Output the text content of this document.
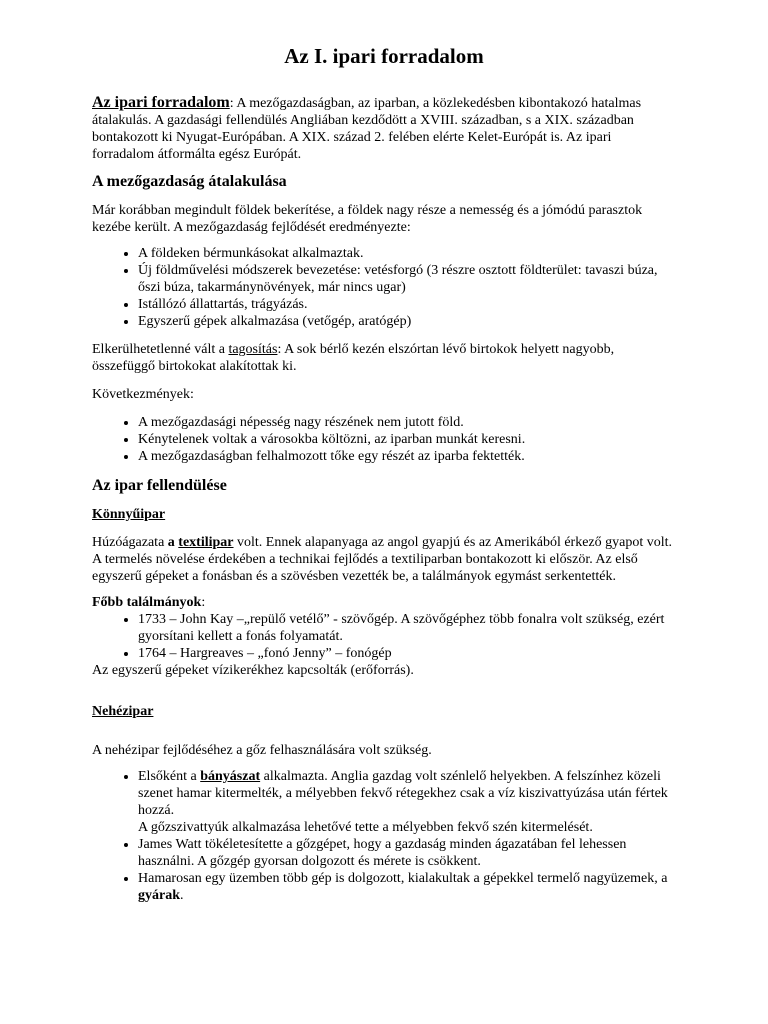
Az I. ipari forradalom

Az ipari forradalom: A mezőgazdaságban, az iparban, a közlekedésben kibontakozó hatalmas átalakulás. A gazdasági fellendülés Angliában kezdődött a XVIII. században, s a XIX. században bontakozott ki Nyugat-Európában. A XIX. század 2. felében elérte Kelet-Európát is. Az ipari forradalom átformálta egész Európát.

A mezőgazdaság átalakulása

Már korábban megindult földek bekerítése, a földek nagy része a nemesség és a jómódú parasztok kezébe került. A mezőgazdaság fejlődését eredményezte:

• A földeken bérmunkásokat alkalmaztak.
• Új földművelési módszerek bevezetése: vetésforgó (3 részre osztott földterület: tavaszi búza, őszi búza, takarmánynövények, már nincs ugar)
• Istállózó állattartás, trágyázás.
• Egyszerű gépek alkalmazása (vetőgép, aratógép)

Elkerülhetetlenné vált a tagosítás: A sok bérlő kezén elszórtan lévő birtokok helyett nagyobb, összefüggő birtokokat alakítottak ki.

Következmények:

• A mezőgazdasági népesség nagy részének nem jutott föld.
• Kénytelenek voltak a városokba költözni, az iparban munkát keresni.
• A mezőgazdaságban felhalmozott tőke egy részét az iparba fektették.
Az ipar fellendülése
Könnyűipar

Húzóágazata a textilipar volt. Ennek alapanyaga az angol gyapjú és az Amerikából érkező gyapot volt. A termelés növelése érdekében a technikai fejlődés a textiliparban bontakozott ki először. Az első egyszerű gépeket a fonásban és a szövésben vezették be, a találmányok egymást serkentették.

Főbb találmányok:

• 1733 – John Kay –„repülő vetélő” - szövőgép. A szövőgéphez több fonalra volt szükség, ezért gyorsítani kellett a fonás folyamatát.
• 1764 – Hargreaves – „fonó Jenny” – fonógép

Az egyszerű gépeket vízikerékhez kapcsolták (erőforrás).

Nehézipar

A nehézipar fejlődéséhez a gőz felhasználására volt szükség.

• Elsőként a bányászat alkalmazta. Anglia gazdag volt szénlelő helyekben. A felszínhez közeli szenet hamar kitermelték, a mélyebben fekvő rétegekhez csak a víz kiszivattyúzása után fértek hozzá.
A gőzszivattyúk alkalmazása lehetővé tette a mélyebben fekvő szén kitermelését.
• James Watt tökéletesítette a gőzgépet, hogy a gazdaság minden ágazatában fel lehessen használni. A gőzgép gyorsan dolgozott és mérete is csökkent.
• Hamarosan egy üzemben több gép is dolgozott, kialakultak a gépekkel termelő nagyüzemek, a gyárak.
